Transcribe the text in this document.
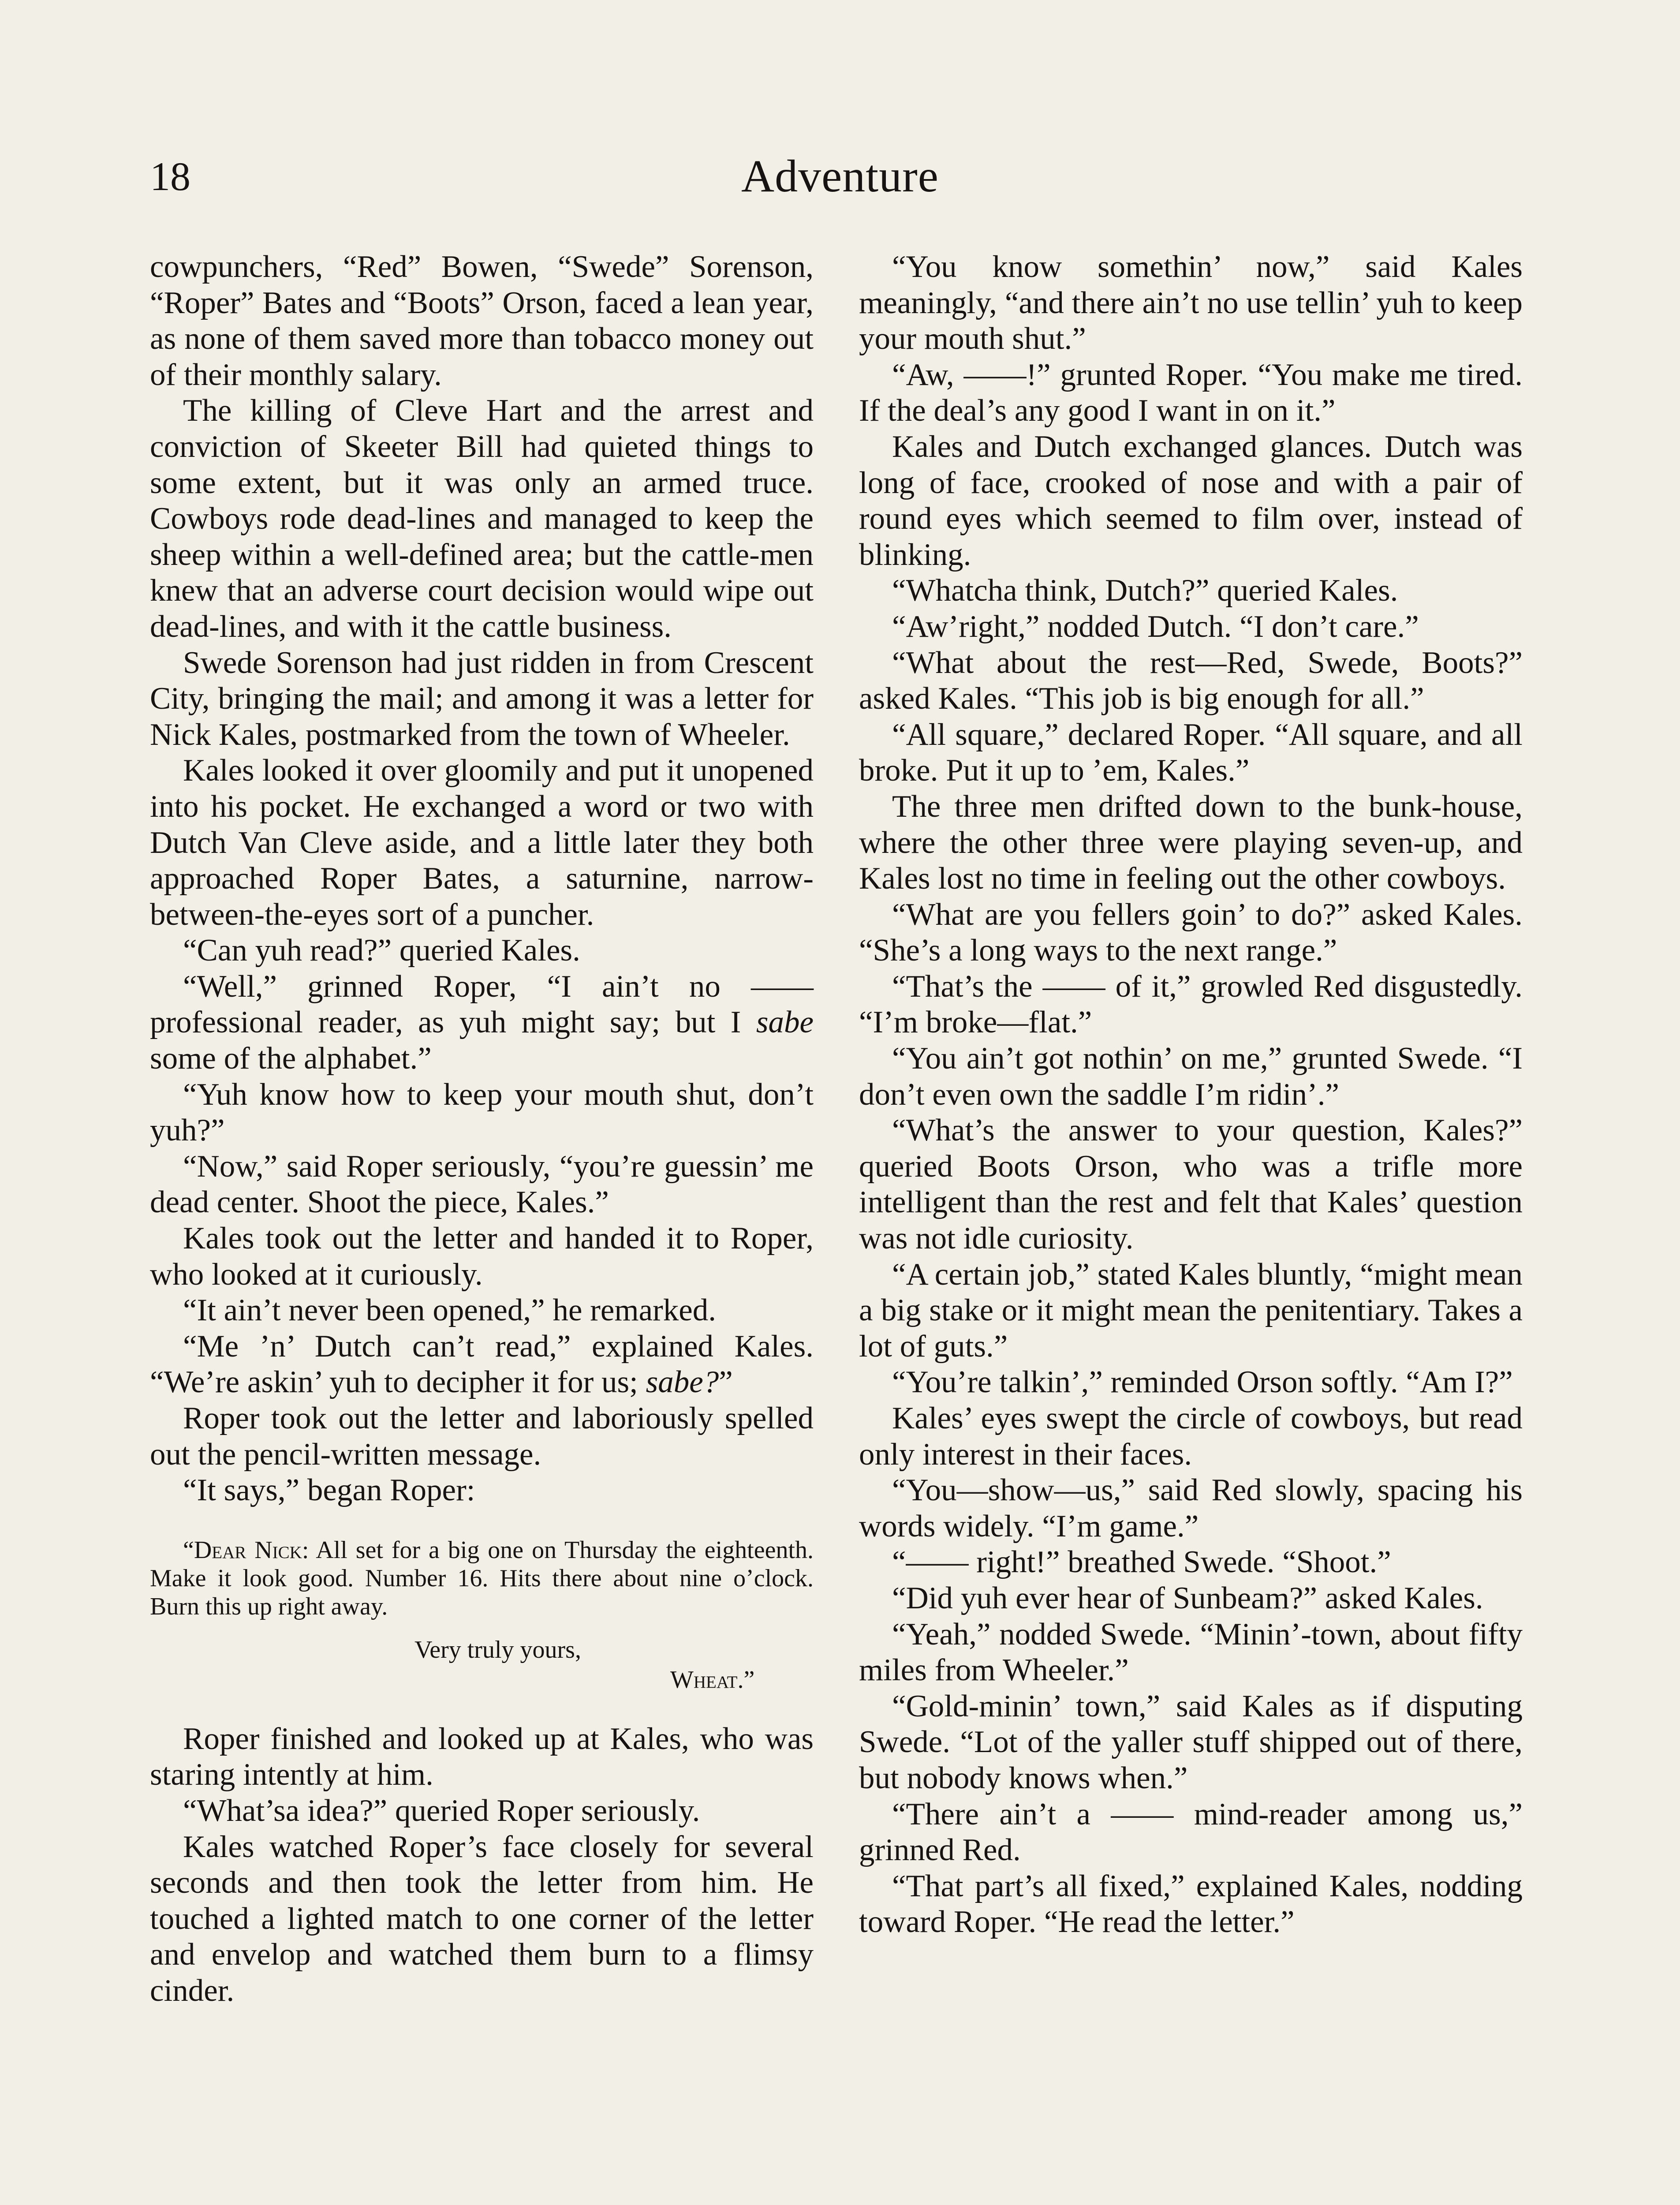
18	Adventure

cowpunchers, “Red” Bowen, “Swede” Sorenson, “Roper” Bates and “Boots” Orson, faced a lean year, as none of them saved more than tobacco money out of their monthly salary.

The killing of Cleve Hart and the arrest and conviction of Skeeter Bill had quieted things to some extent, but it was only an armed truce. Cowboys rode dead-lines and managed to keep the sheep within a well-defined area; but the cattle-men knew that an adverse court decision would wipe out dead-lines, and with it the cattle business.

Swede Sorenson had just ridden in from Crescent City, bringing the mail; and among it was a letter for Nick Kales, postmarked from the town of Wheeler.

Kales looked it over gloomily and put it unopened into his pocket. He exchanged a word or two with Dutch Van Cleve aside, and a little later they both approached Roper Bates, a saturnine, narrow-between-the-eyes sort of a puncher.

“Can yuh read?” queried Kales.

“Well,” grinned Roper, “I ain’t no —— professional reader, as yuh might say; but I sabe some of the alphabet.”

“Yuh know how to keep your mouth shut, don’t yuh?”

“Now,” said Roper seriously, “you’re guessin’ me dead center. Shoot the piece, Kales.”

Kales took out the letter and handed it to Roper, who looked at it curiously.

“It ain’t never been opened,” he remarked.

“Me ’n’ Dutch can’t read,” explained Kales. “We’re askin’ yuh to decipher it for us; sabe?”

Roper took out the letter and laboriously spelled out the pencil-written message.

“It says,” began Roper:

“Dear Nick: All set for a big one on Thursday the eighteenth. Make it look good. Number 16. Hits there about nine o’clock. Burn this up right away.

Very truly yours,
Wheat.”

Roper finished and looked up at Kales, who was staring intently at him.

“What’sa idea?” queried Roper seriously.

Kales watched Roper’s face closely for several seconds and then took the letter from him. He touched a lighted match to one corner of the letter and envelop and watched them burn to a flimsy cinder.

“You know somethin’ now,” said Kales meaningly, “and there ain’t no use tellin’ yuh to keep your mouth shut.”

“Aw, ——!” grunted Roper. “You make me tired. If the deal’s any good I want in on it.”

Kales and Dutch exchanged glances. Dutch was long of face, crooked of nose and with a pair of round eyes which seemed to film over, instead of blinking.

“Whatcha think, Dutch?” queried Kales.

“Aw’right,” nodded Dutch. “I don’t care.”

“What about the rest—Red, Swede, Boots?” asked Kales. “This job is big enough for all.”

“All square,” declared Roper. “All square, and all broke. Put it up to ’em, Kales.”

The three men drifted down to the bunk-house, where the other three were playing seven-up, and Kales lost no time in feeling out the other cowboys.

“What are you fellers goin’ to do?” asked Kales. “She’s a long ways to the next range.”

“That’s the —— of it,” growled Red disgustedly. “I’m broke—flat.”

“You ain’t got nothin’ on me,” grunted Swede. “I don’t even own the saddle I’m ridin’.”

“What’s the answer to your question, Kales?” queried Boots Orson, who was a trifle more intelligent than the rest and felt that Kales’ question was not idle curiosity.

“A certain job,” stated Kales bluntly, “might mean a big stake or it might mean the penitentiary. Takes a lot of guts.”

“You’re talkin’,” reminded Orson softly. “Am I?”

Kales’ eyes swept the circle of cowboys, but read only interest in their faces.

“You—show—us,” said Red slowly, spacing his words widely. “I’m game.”

“—— right!” breathed Swede. “Shoot.”

“Did yuh ever hear of Sunbeam?” asked Kales.

“Yeah,” nodded Swede. “Minin’-town, about fifty miles from Wheeler.”

“Gold-minin’ town,” said Kales as if disputing Swede. “Lot of the yaller stuff shipped out of there, but nobody knows when.”

“There ain’t a —— mind-reader among us,” grinned Red.

“That part’s all fixed,” explained Kales, nodding toward Roper. “He read the letter.”
